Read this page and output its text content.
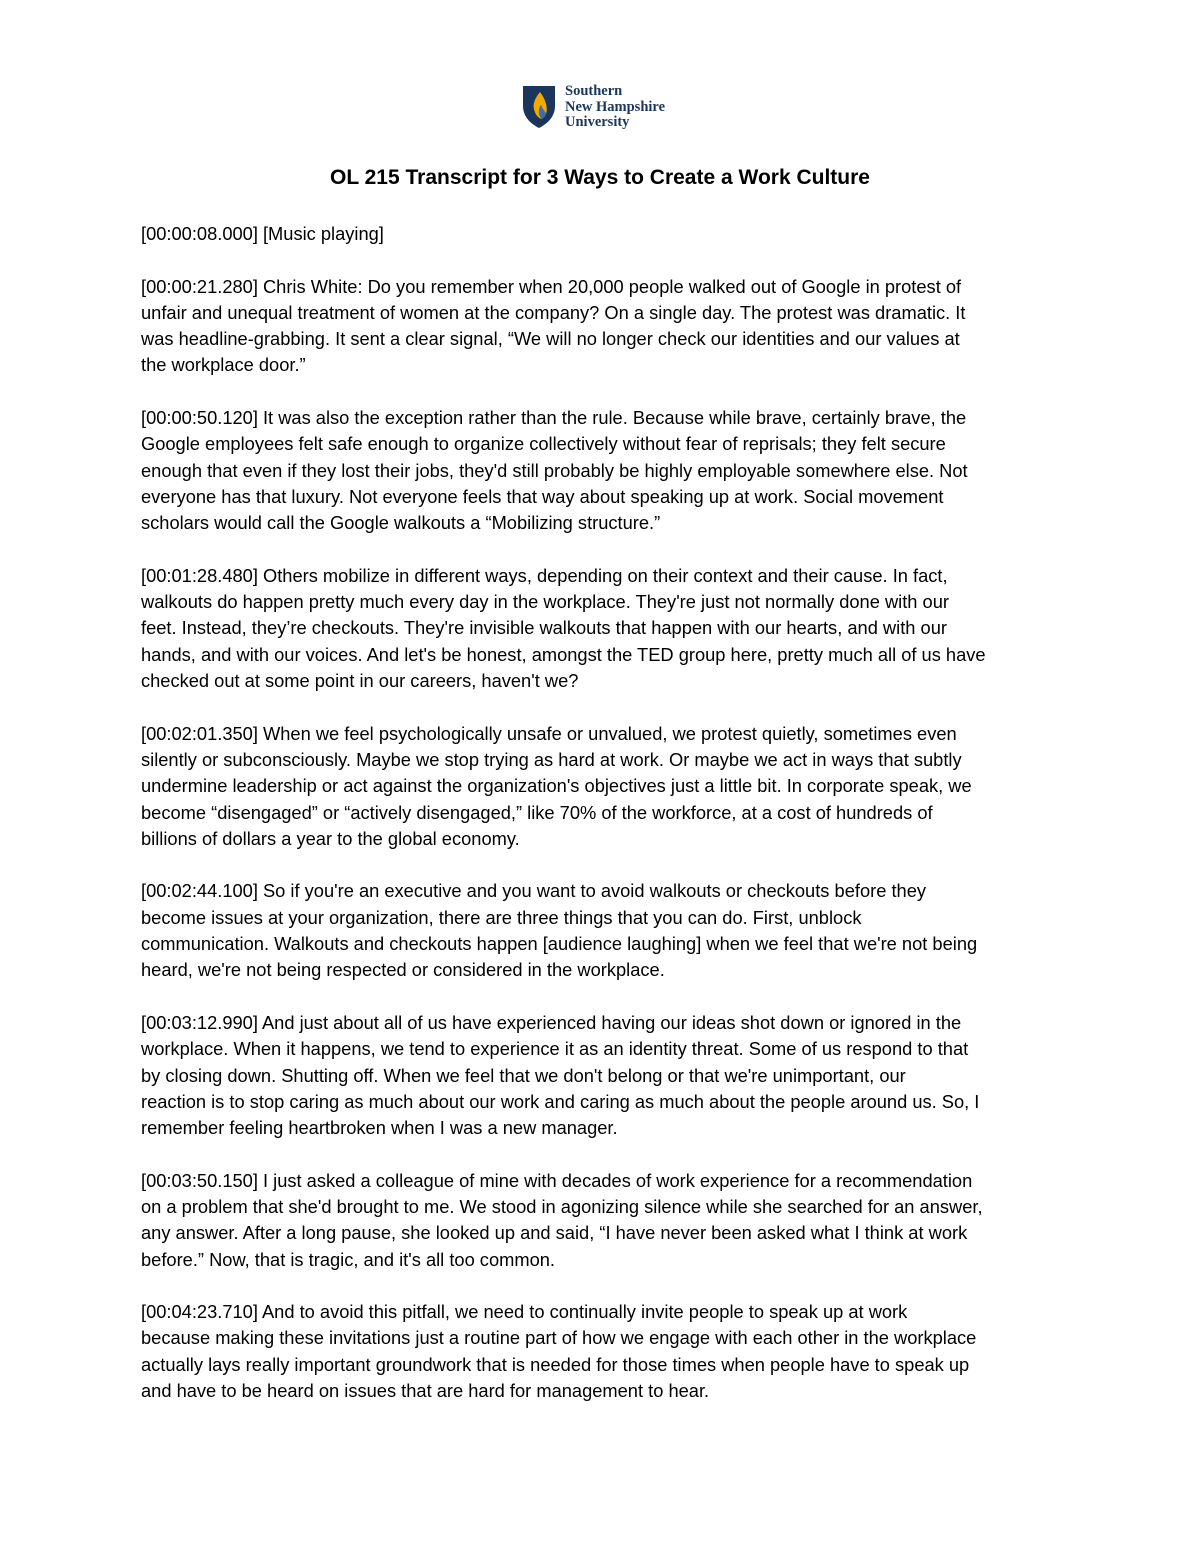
Southern
New Hampshire
University
OL 215 Transcript for 3 Ways to Create a Work Culture

[00:00:08.000] [Music playing]

[00:00:21.280] Chris White: Do you remember when 20,000 people walked out of Google in protest of
unfair and unequal treatment of women at the company? On a single day. The protest was dramatic. It
was headline-grabbing. It sent a clear signal, “We will no longer check our identities and our values at
the workplace door.”

[00:00:50.120] It was also the exception rather than the rule. Because while brave, certainly brave, the
Google employees felt safe enough to organize collectively without fear of reprisals; they felt secure
enough that even if they lost their jobs, they'd still probably be highly employable somewhere else. Not
everyone has that luxury. Not everyone feels that way about speaking up at work. Social movement
scholars would call the Google walkouts a “Mobilizing structure.”

[00:01:28.480] Others mobilize in different ways, depending on their context and their cause. In fact,
walkouts do happen pretty much every day in the workplace. They're just not normally done with our
feet. Instead, they’re checkouts. They're invisible walkouts that happen with our hearts, and with our
hands, and with our voices. And let's be honest, amongst the TED group here, pretty much all of us have
checked out at some point in our careers, haven't we?

[00:02:01.350] When we feel psychologically unsafe or unvalued, we protest quietly, sometimes even
silently or subconsciously. Maybe we stop trying as hard at work. Or maybe we act in ways that subtly
undermine leadership or act against the organization's objectives just a little bit. In corporate speak, we
become “disengaged” or “actively disengaged,” like 70% of the workforce, at a cost of hundreds of
billions of dollars a year to the global economy.

[00:02:44.100] So if you're an executive and you want to avoid walkouts or checkouts before they
become issues at your organization, there are three things that you can do. First, unblock
communication. Walkouts and checkouts happen [audience laughing] when we feel that we're not being
heard, we're not being respected or considered in the workplace.

[00:03:12.990] And just about all of us have experienced having our ideas shot down or ignored in the
workplace. When it happens, we tend to experience it as an identity threat. Some of us respond to that
by closing down. Shutting off. When we feel that we don't belong or that we're unimportant, our
reaction is to stop caring as much about our work and caring as much about the people around us. So, I
remember feeling heartbroken when I was a new manager.

[00:03:50.150] I just asked a colleague of mine with decades of work experience for a recommendation
on a problem that she'd brought to me. We stood in agonizing silence while she searched for an answer,
any answer. After a long pause, she looked up and said, “I have never been asked what I think at work
before.” Now, that is tragic, and it's all too common.

[00:04:23.710] And to avoid this pitfall, we need to continually invite people to speak up at work
because making these invitations just a routine part of how we engage with each other in the workplace
actually lays really important groundwork that is needed for those times when people have to speak up
and have to be heard on issues that are hard for management to hear.
